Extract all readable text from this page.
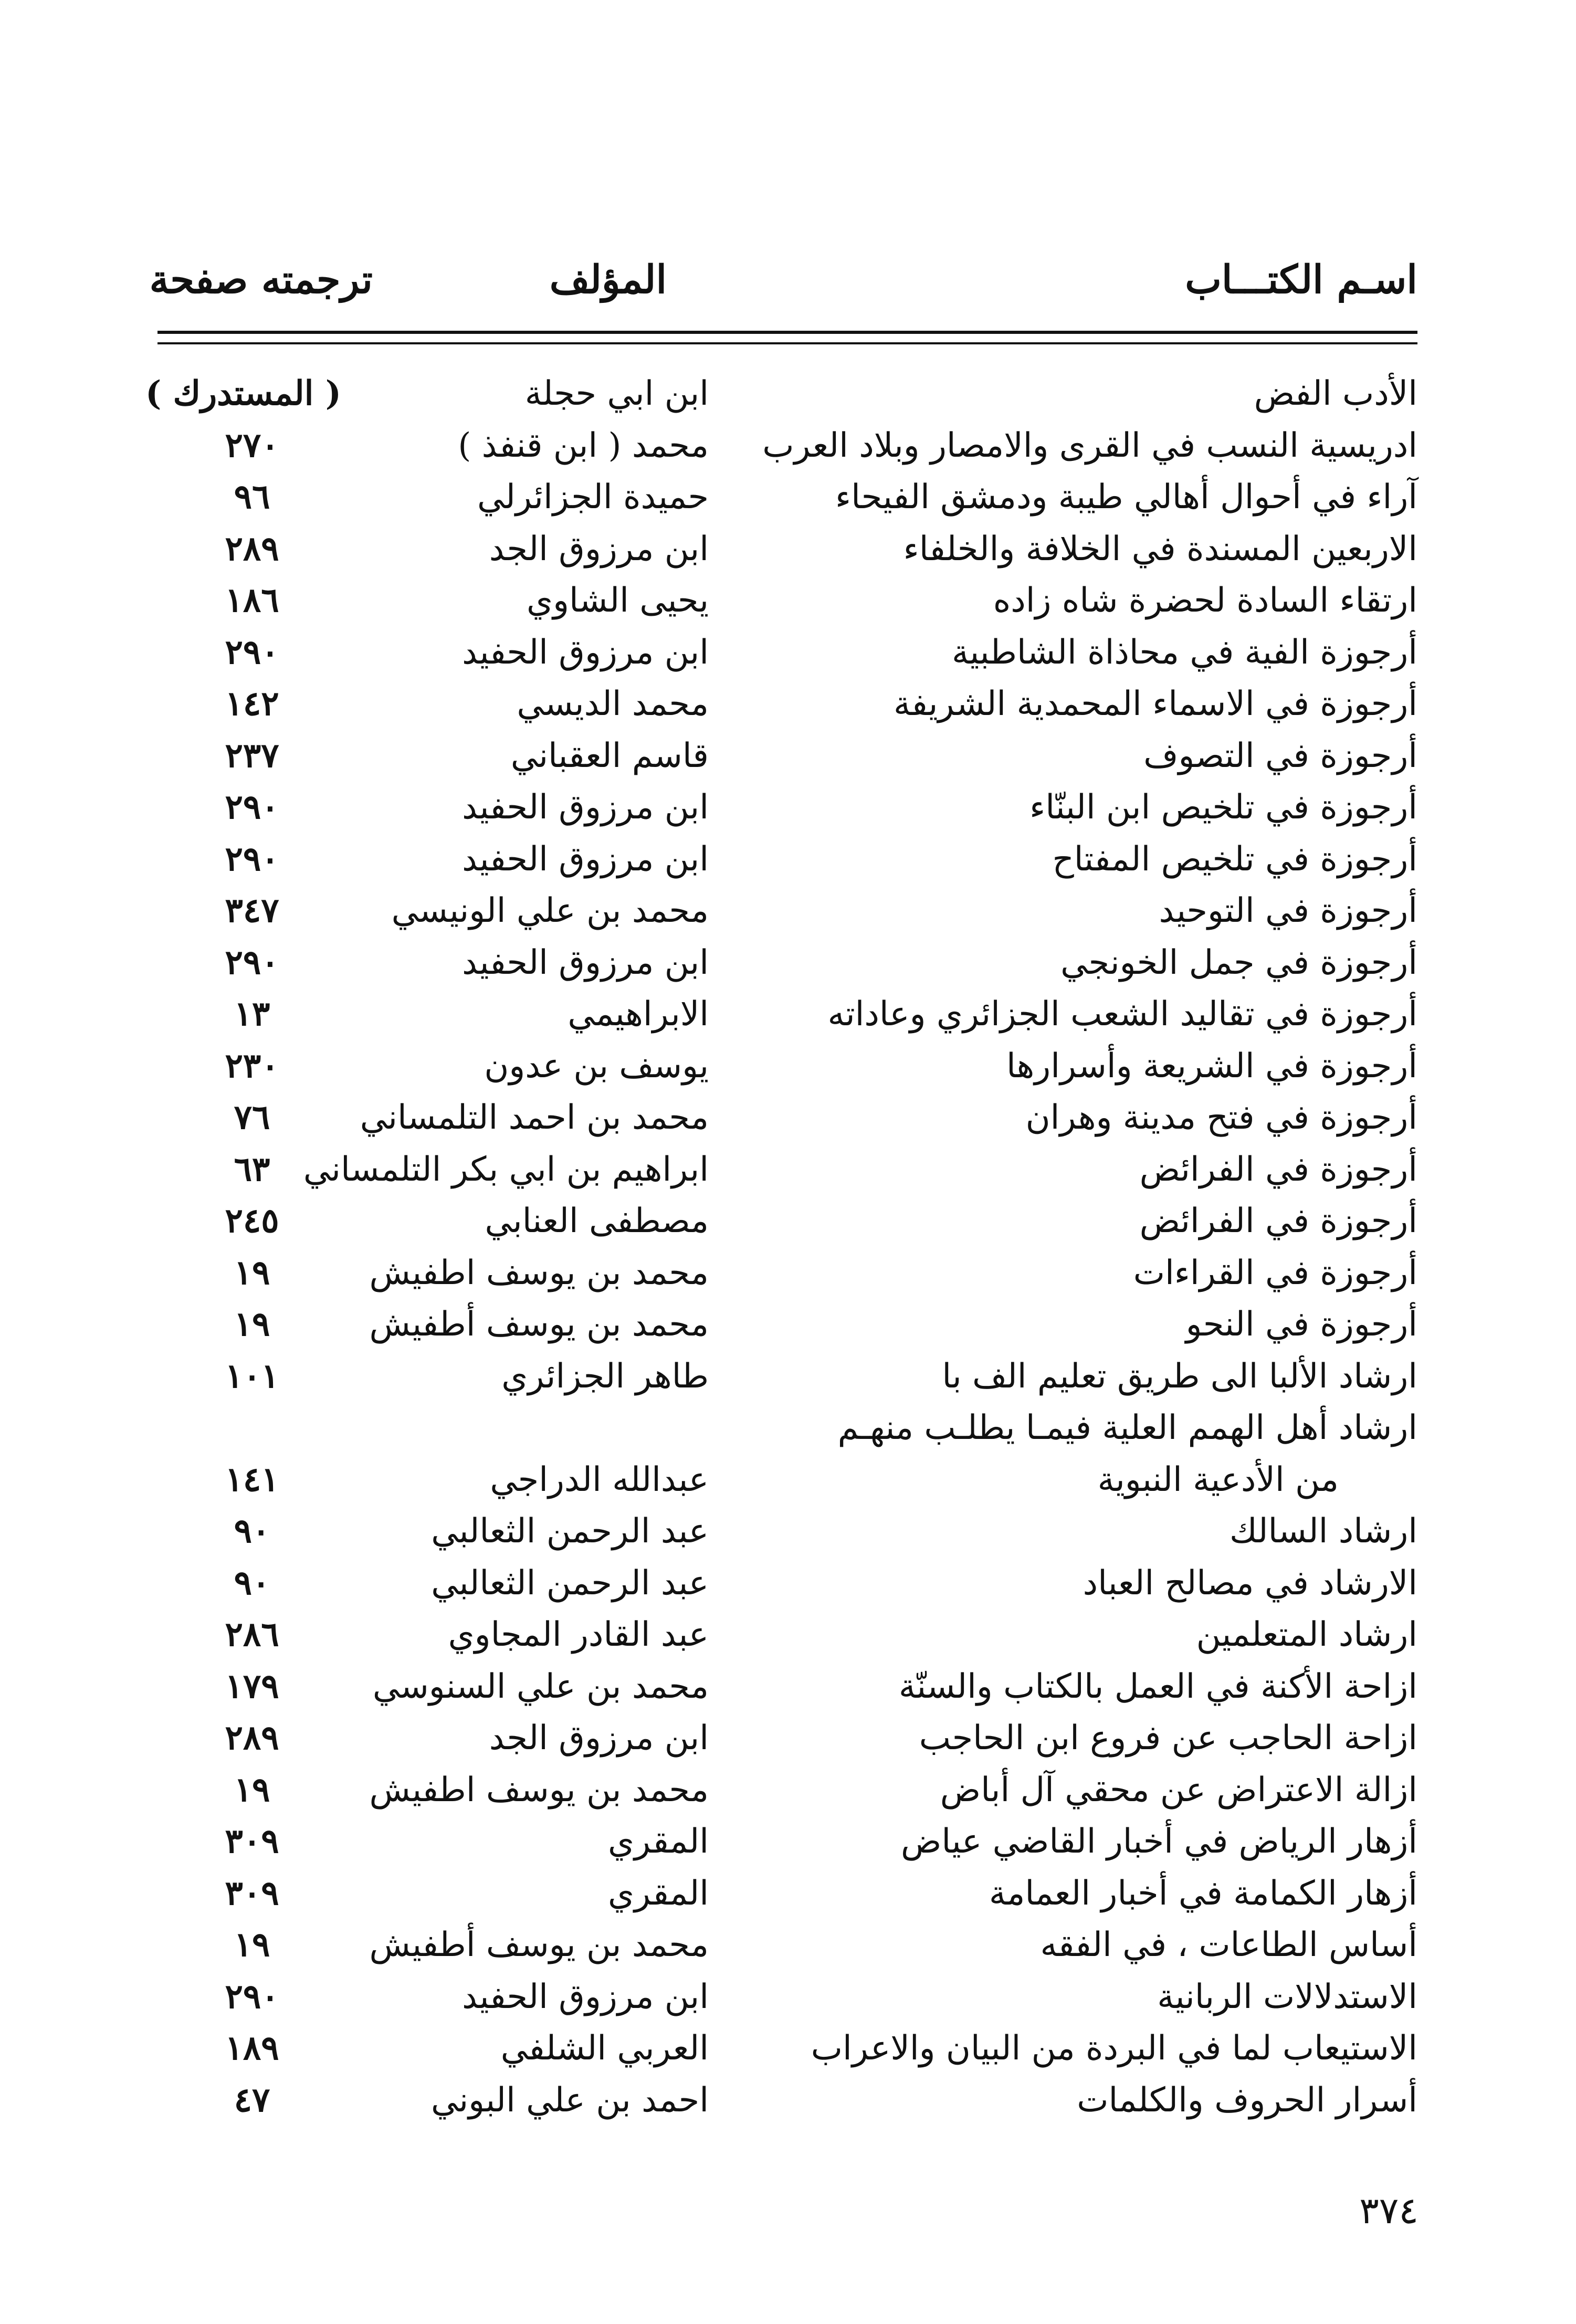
اسـم الكتـــاب
المؤلف
ترجمته صفحة
الأدب الفض
ابن ابي حجلة
( المستدرك )
ادريسية النسب في القرى والامصار وبلاد العرب
محمد ( ابن قنفذ )
٢٧٠
آراء في أحوال أهالي طيبة ودمشق الفيحاء
حميدة الجزائرلي
٩٦
الاربعين المسندة في الخلافة والخلفاء
ابن مرزوق الجد
٢٨٩
ارتقاء السادة لحضرة شاه زاده
يحيى الشاوي
١٨٦
أرجوزة الفية في محاذاة الشاطبية
ابن مرزوق الحفيد
٢٩٠
أرجوزة في الاسماء المحمدية الشريفة
محمد الديسي
١٤٢
أرجوزة في التصوف
قاسم العقباني
٢٣٧
أرجوزة في تلخيص ابن البنّاء
ابن مرزوق الحفيد
٢٩٠
أرجوزة في تلخيص المفتاح
ابن مرزوق الحفيد
٢٩٠
أرجوزة في التوحيد
محمد بن علي الونيسي
٣٤٧
أرجوزة في جمل الخونجي
ابن مرزوق الحفيد
٢٩٠
أرجوزة في تقاليد الشعب الجزائري وعاداته
الابراهيمي
١٣
أرجوزة في الشريعة وأسرارها
يوسف بن عدون
٢٣٠
أرجوزة في فتح مدينة وهران
محمد بن احمد التلمساني
٧٦
أرجوزة في الفرائض
ابراهيم بن ابي بكر التلمساني
٦٣
أرجوزة في الفرائض
مصطفى العنابي
٢٤٥
أرجوزة في القراءات
محمد بن يوسف اطفيش
١٩
أرجوزة في النحو
محمد بن يوسف أطفيش
١٩
ارشاد الألبا الى طريق تعليم الف با
طاهر الجزائري
١٠١
ارشاد أهل الهمم العلية فيمـا يطلـب منهـم
من الأدعية النبوية
عبدالله الدراجي
١٤١
ارشاد السالك
عبد الرحمن الثعالبي
٩٠
الارشاد في مصالح العباد
عبد الرحمن الثعالبي
٩٠
ارشاد المتعلمين
عبد القادر المجاوي
٢٨٦
ازاحة الأكنة في العمل بالكتاب والسنّة
محمد بن علي السنوسي
١٧٩
ازاحة الحاجب عن فروع ابن الحاجب
ابن مرزوق الجد
٢٨٩
ازالة الاعتراض عن محقي آل أباض
محمد بن يوسف اطفيش
١٩
أزهار الرياض في أخبار القاضي عياض
المقري
٣٠٩
أزهار الكمامة في أخبار العمامة
المقري
٣٠٩
أساس الطاعات ، في الفقه
محمد بن يوسف أطفيش
١٩
الاستدلالات الربانية
ابن مرزوق الحفيد
٢٩٠
الاستيعاب لما في البردة من البيان والاعراب
العربي الشلفي
١٨٩
أسرار الحروف والكلمات
احمد بن علي البوني
٤٧
٣٧٤
